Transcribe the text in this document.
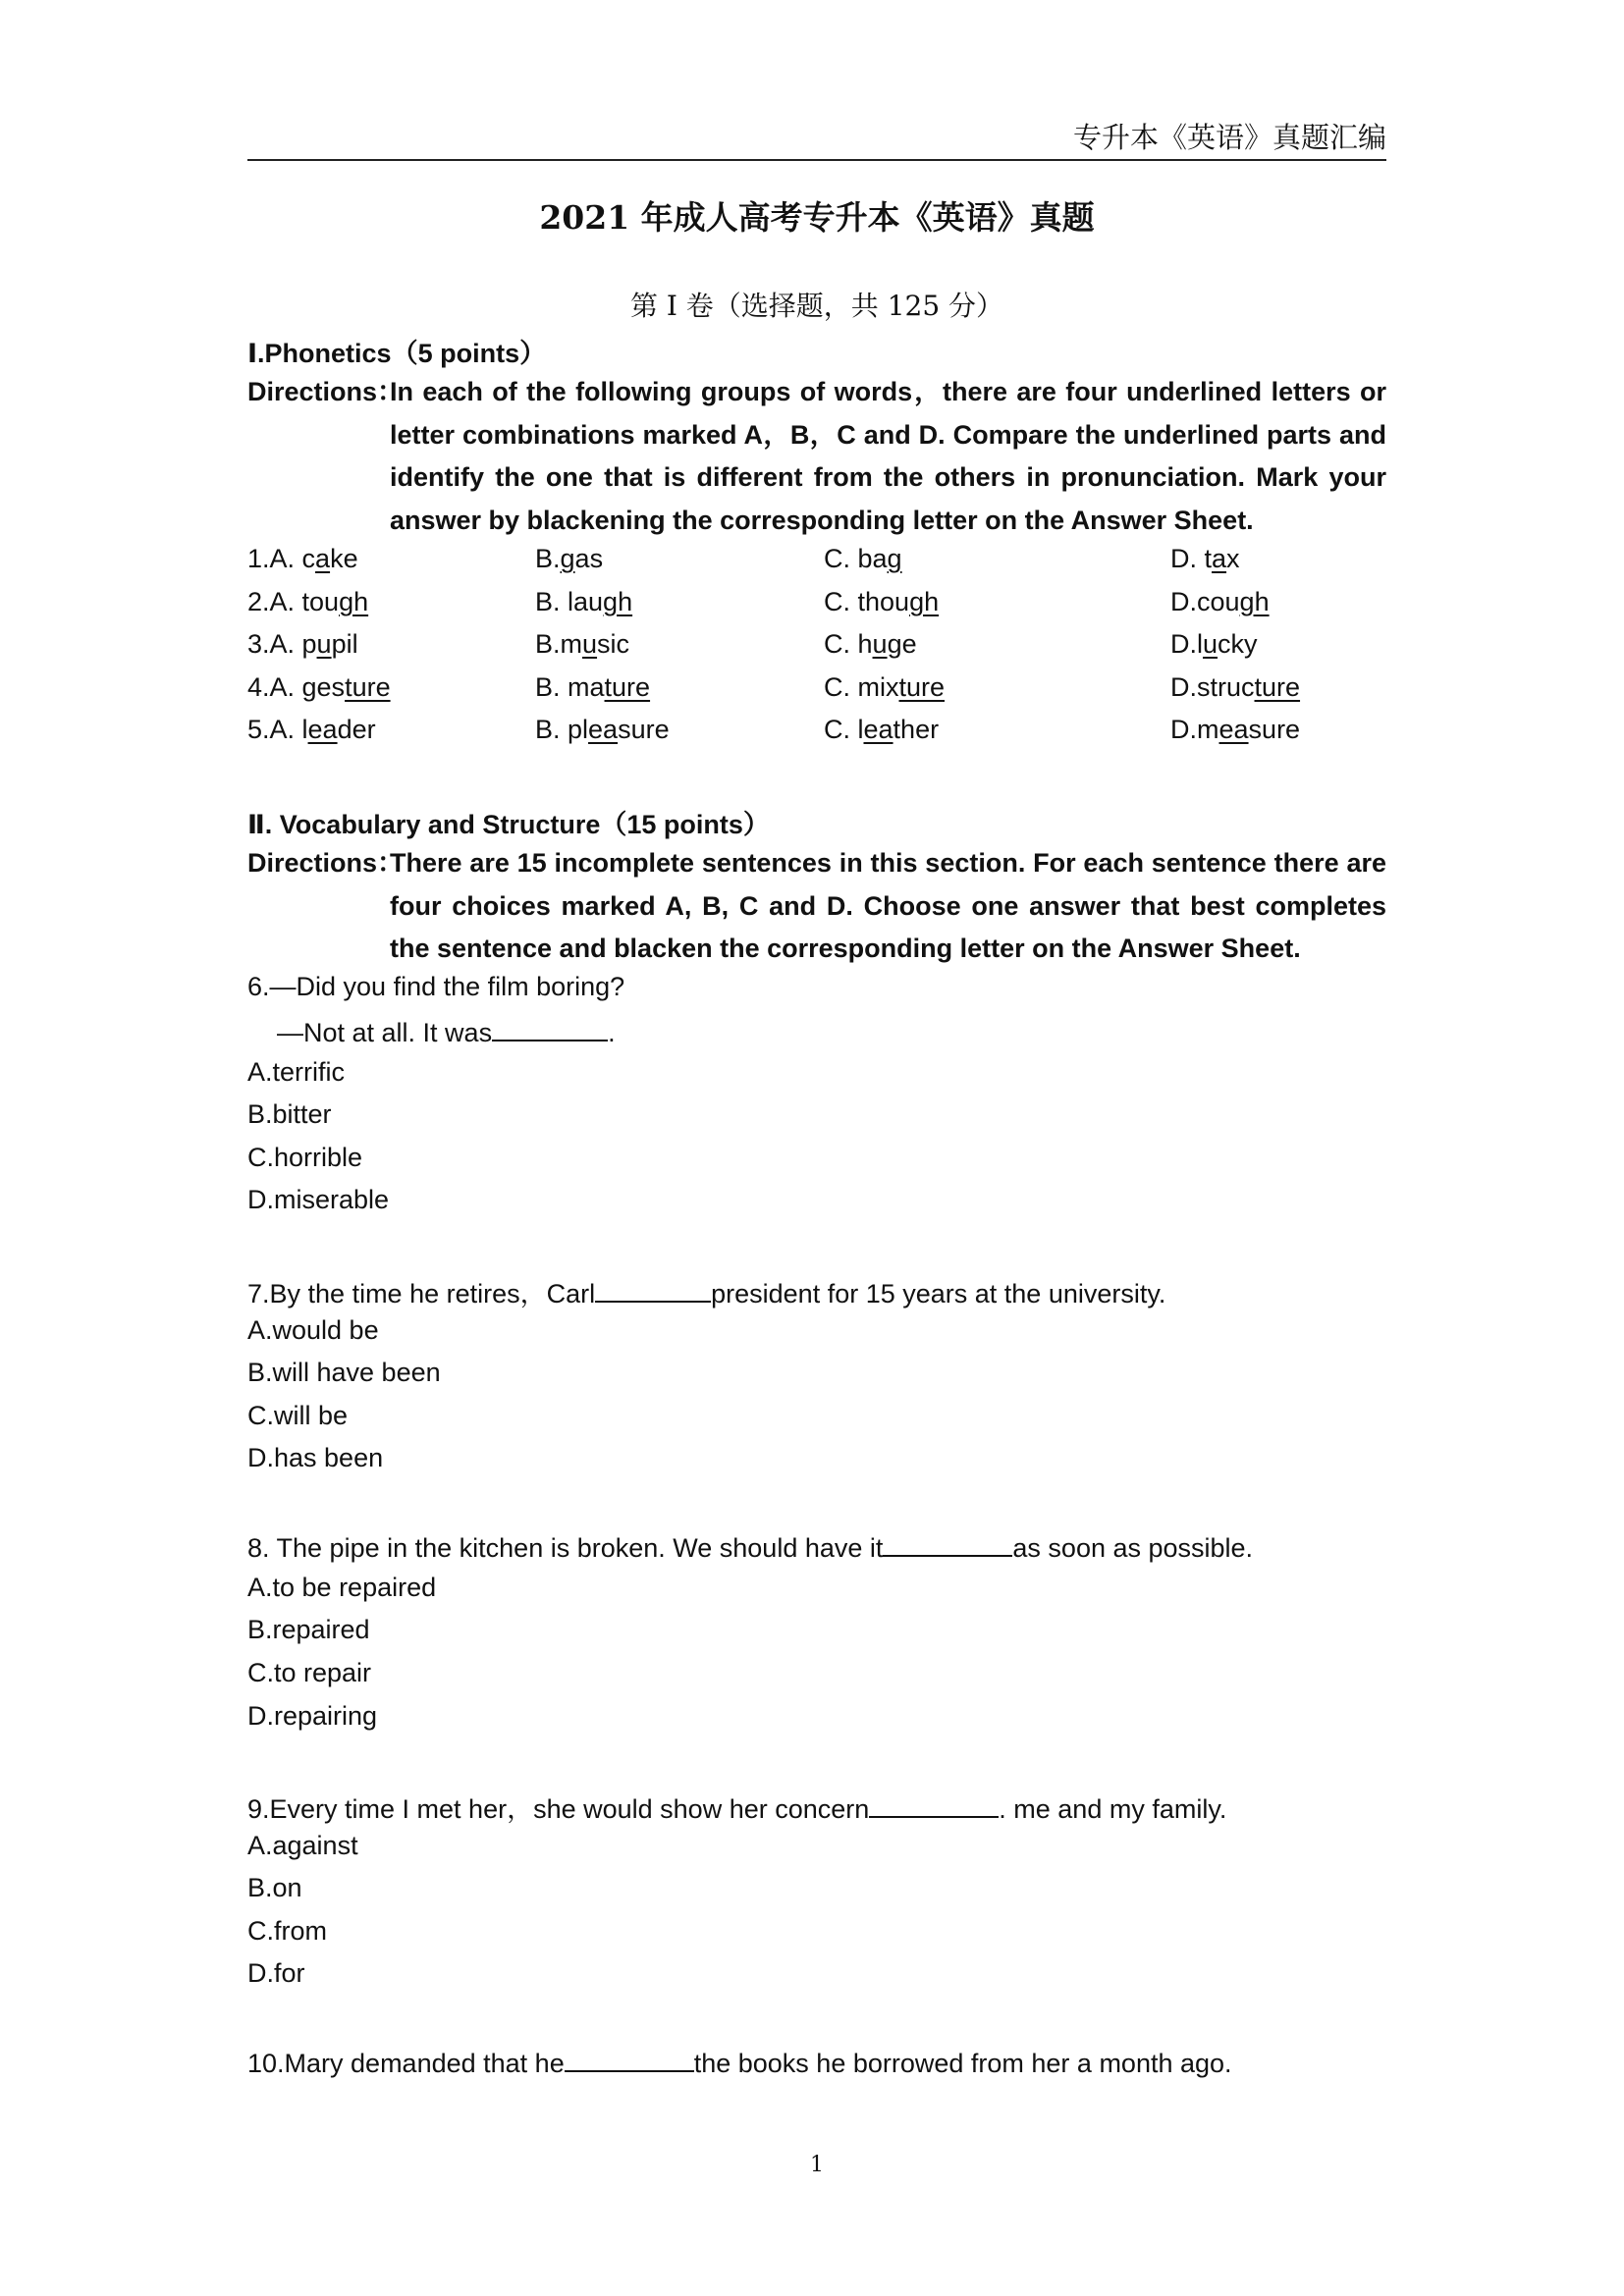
专升本《英语》真题汇编
2021 年成人高考专升本《英语》真题
第 I 卷（选择题，共 125 分）
Ⅰ.Phonetics（5 points）
Directions：
In each of the following groups of words，there are four underlined letters or letter combinations marked A，B，C and D. Compare the underlined parts and identify the one that is different from the others in pronunciation. Mark your answer by blackening the corresponding letter on the Answer Sheet.
1.A. cake	B.gas	C. bag	D. tax
2.A. tough	B. laugh	C. though	D.cough
3.A. pupil	B.music	C. huge	D.lucky
4.A. gesture	B. mature	C. mixture	D.structure
5.A. leader	B. pleasure	C. leather	D.measure
Ⅱ. Vocabulary and Structure（15 points）
Directions：
There are 15 incomplete sentences in this section. For each sentence there are four choices marked A, B, C and D. Choose one answer that best completes the sentence and blacken the corresponding letter on the Answer Sheet.
6.—Did you find the film boring?
—Not at all. It was	.
A.terrific
B.bitter
C.horrible
D.miserable
7.By the time he retires，Carl	president for 15 years at the university.
A.would be
B.will have been
C.will be
D.has been
8. The pipe in the kitchen is broken. We should have it	as soon as possible.
A.to be repaired
B.repaired
C.to repair
D.repairing
9.Every time I met her，she would show her concern	. me and my family.
A.against
B.on
C.from
D.for
10.Mary demanded that he	the books he borrowed from her a month ago.
1
